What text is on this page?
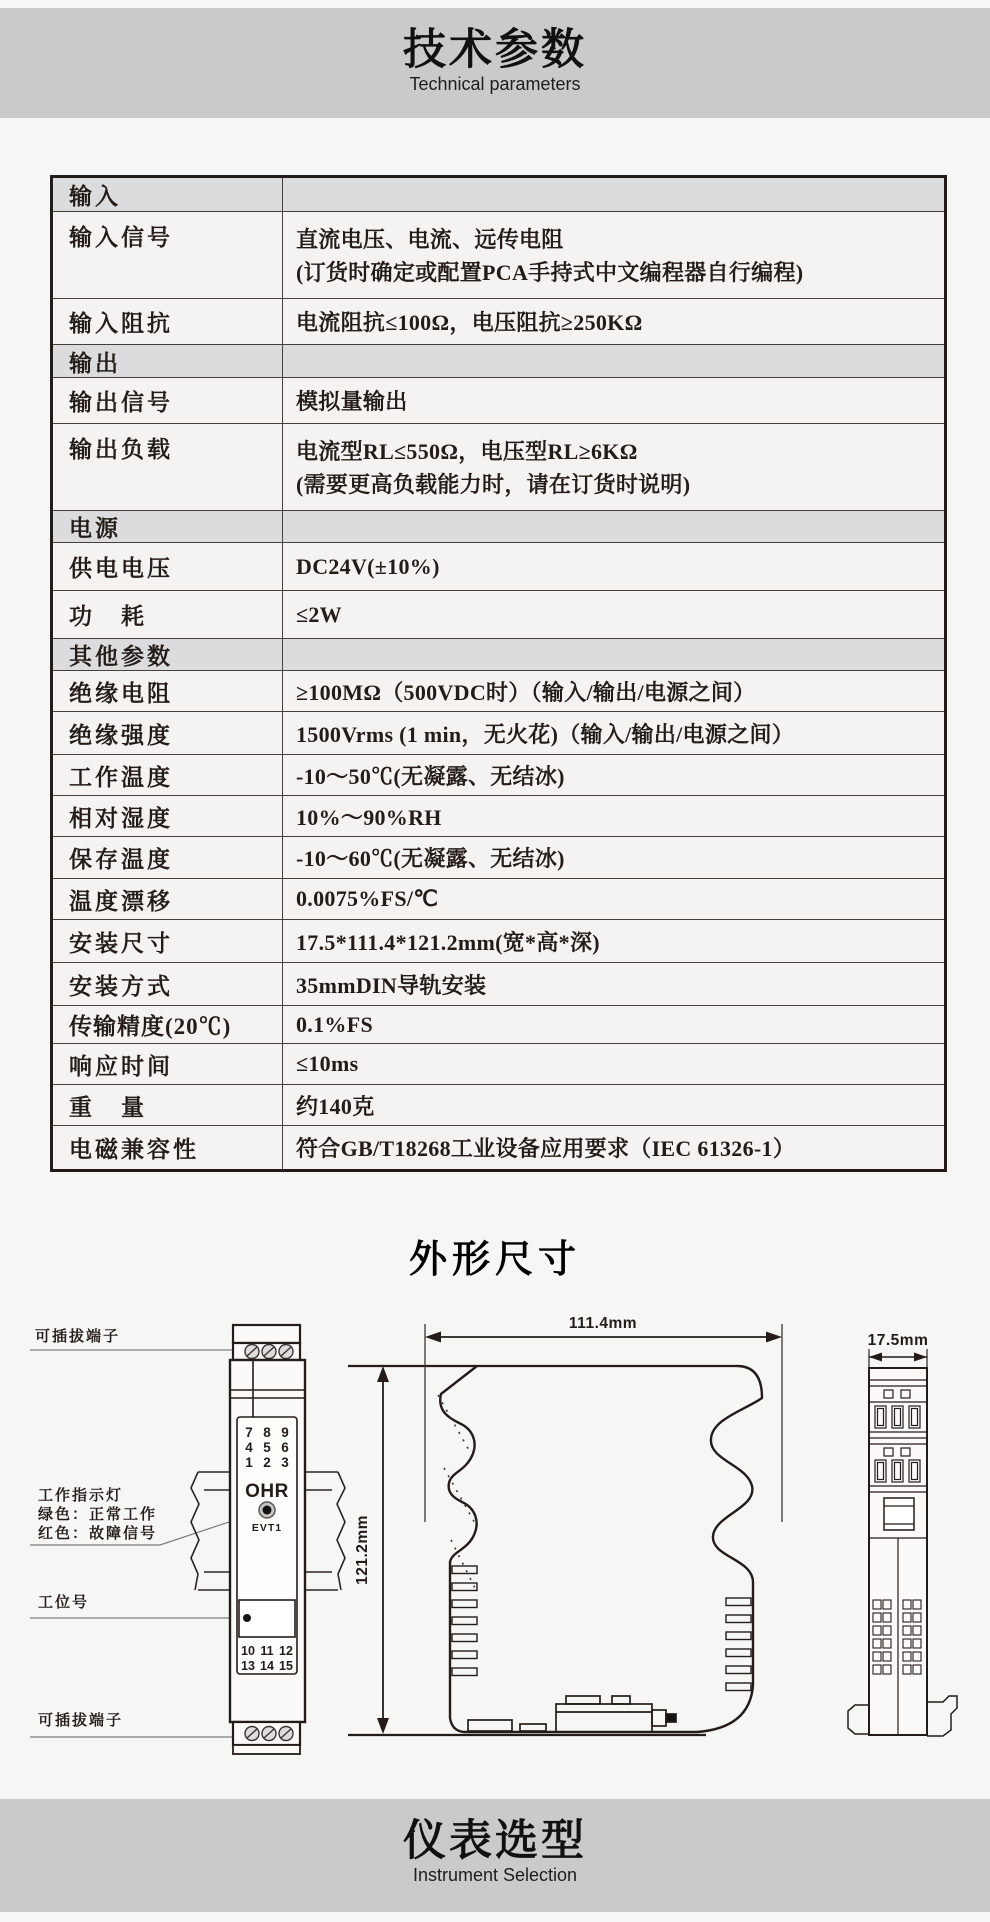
技术参数
Technical parameters
输入
输入信号	直流电压、电流、远传电阻
(订货时确定或配置PCA手持式中文编程器自行编程)
输入阻抗	电流阻抗≤100Ω，电压阻抗≥250KΩ
输出
输出信号	模拟量输出
输出负载	电流型RL≤550Ω，电压型RL≥6KΩ
(需要更高负载能力时，请在订货时说明)
电源
供电电压	DC24V(±10%)
功　耗	≤2W
其他参数
绝缘电阻	≥100MΩ（500VDC时）（输入/输出/电源之间）
绝缘强度	1500Vrms (1 min，无火花)（输入/输出/电源之间）
工作温度	-10～50℃(无凝露、无结冰)
相对湿度	10%～90%RH
保存温度	-10～60℃(无凝露、无结冰)
温度漂移	0.0075%FS/℃
安装尺寸	17.5*111.4*121.2mm(宽*高*深)
安装方式	35mmDIN导轨安装
传输精度(20℃)	0.1%FS
响应时间	≤10ms
重　量	约140克
电磁兼容性	符合GB/T18268工业设备应用要求（IEC 61326-1）
外形尺寸
可插拔端子
工作指示灯
绿色：正常工作
红色：故障信号
工位号
可插拔端子
7 8 9
4 5 6
1 2 3
OHR
EVT1
10 11 12
13 14 15
111.4mm
121.2mm
17.5mm
仪表选型
Instrument Selection
